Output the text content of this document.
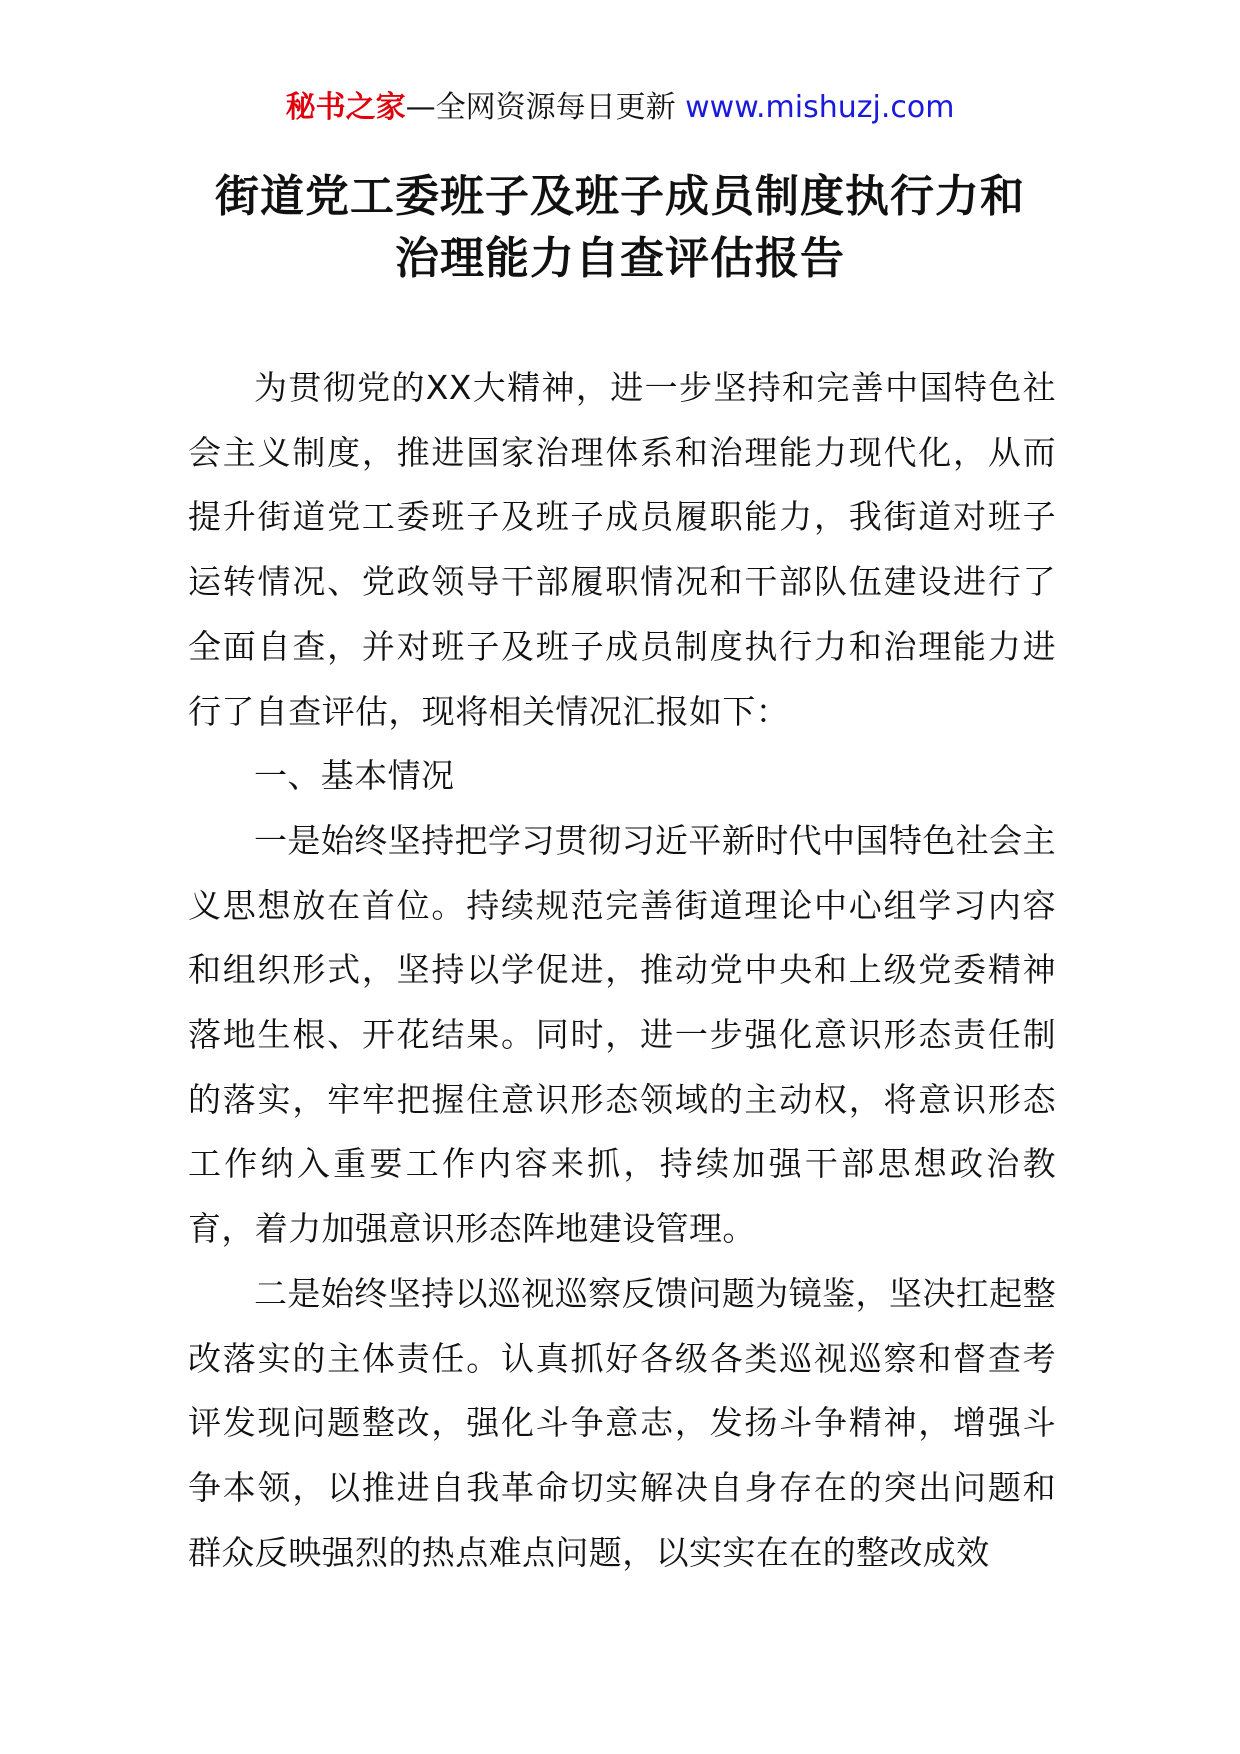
秘书之家—全网资源每日更新 www.mishuzj.com
街道党工委班子及班子成员制度执行力和
治理能力自查评估报告

为贯彻党的XX大精神，进一步坚持和完善中国特色社会主义制度，推进国家治理体系和治理能力现代化，从而提升街道党工委班子及班子成员履职能力，我街道对班子运转情况、党政领导干部履职情况和干部队伍建设进行了全面自查，并对班子及班子成员制度执行力和治理能力进行了自查评估，现将相关情况汇报如下：

一、基本情况

一是始终坚持把学习贯彻习近平新时代中国特色社会主义思想放在首位。持续规范完善街道理论中心组学习内容和组织形式，坚持以学促进，推动党中央和上级党委精神落地生根、开花结果。同时，进一步强化意识形态责任制的落实，牢牢把握住意识形态领域的主动权，将意识形态工作纳入重要工作内容来抓，持续加强干部思想政治教育，着力加强意识形态阵地建设管理。

二是始终坚持以巡视巡察反馈问题为镜鉴，坚决扛起整改落实的主体责任。认真抓好各级各类巡视巡察和督查考评发现问题整改，强化斗争意志，发扬斗争精神，增强斗争本领，以推进自我革命切实解决自身存在的突出问题和群众反映强烈的热点难点问题，以实实在在的整改成效
